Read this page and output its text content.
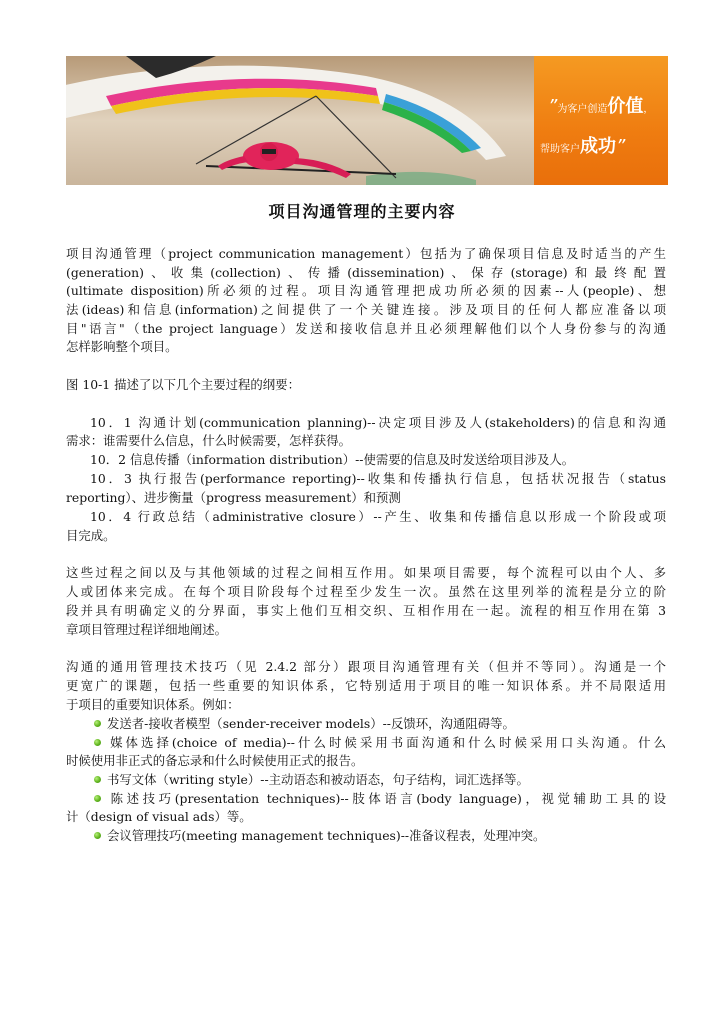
”为客户创造价值，
帮助客户成功”
项目沟通管理的主要内容
项目沟通管理（project communication management）包括为了确保项目信息及时适当的产生
(generation)、收集(collection)、传播(dissemination)、保存(storage)和最终配置
(ultimate disposition)所必须的过程。项目沟通管理把成功所必须的因素--人(people)、想
法(ideas)和信息(information)之间提供了一个关键连接。涉及项目的任何人都应准备以项
目"语言"（the project language）发送和接收信息并且必须理解他们以个人身份参与的沟通
怎样影响整个项目。
图 10-1 描述了以下几个主要过程的纲要：
10．1 沟通计划(communication planning)--决定项目涉及人(stakeholders)的信息和沟通
需求：谁需要什么信息，什么时候需要，怎样获得。
10．2 信息传播（information distribution）--使需要的信息及时发送给项目涉及人。
10．3 执行报告(performance reporting)--收集和传播执行信息，包括状况报告（status
reporting）、进步衡量（progress measurement）和预测
10．4 行政总结（administrative closure）--产生、收集和传播信息以形成一个阶段或项
目完成。
这些过程之间以及与其他领域的过程之间相互作用。如果项目需要，每个流程可以由个人、多
人或团体来完成。在每个项目阶段每个过程至少发生一次。虽然在这里列举的流程是分立的阶
段并具有明确定义的分界面，事实上他们互相交织、互相作用在一起。流程的相互作用在第 3
章项目管理过程详细地阐述。
沟通的通用管理技术技巧（见 2.4.2 部分）跟项目沟通管理有关（但并不等同）。沟通是一个
更宽广的课题，包括一些重要的知识体系，它特别适用于项目的唯一知识体系。并不局限适用
于项目的重要知识体系。例如：
发送者-接收者模型（sender-receiver models）--反馈环，沟通阻碍等。
媒体选择(choice of media)--什么时候采用书面沟通和什么时候采用口头沟通。什么
时候使用非正式的备忘录和什么时候使用正式的报告。
书写文体（writing style）--主动语态和被动语态，句子结构，词汇选择等。
陈述技巧(presentation techniques)--肢体语言(body language)，视觉辅助工具的设
计（design of visual ads）等。
会议管理技巧(meeting management techniques)--准备议程表，处理冲突。
